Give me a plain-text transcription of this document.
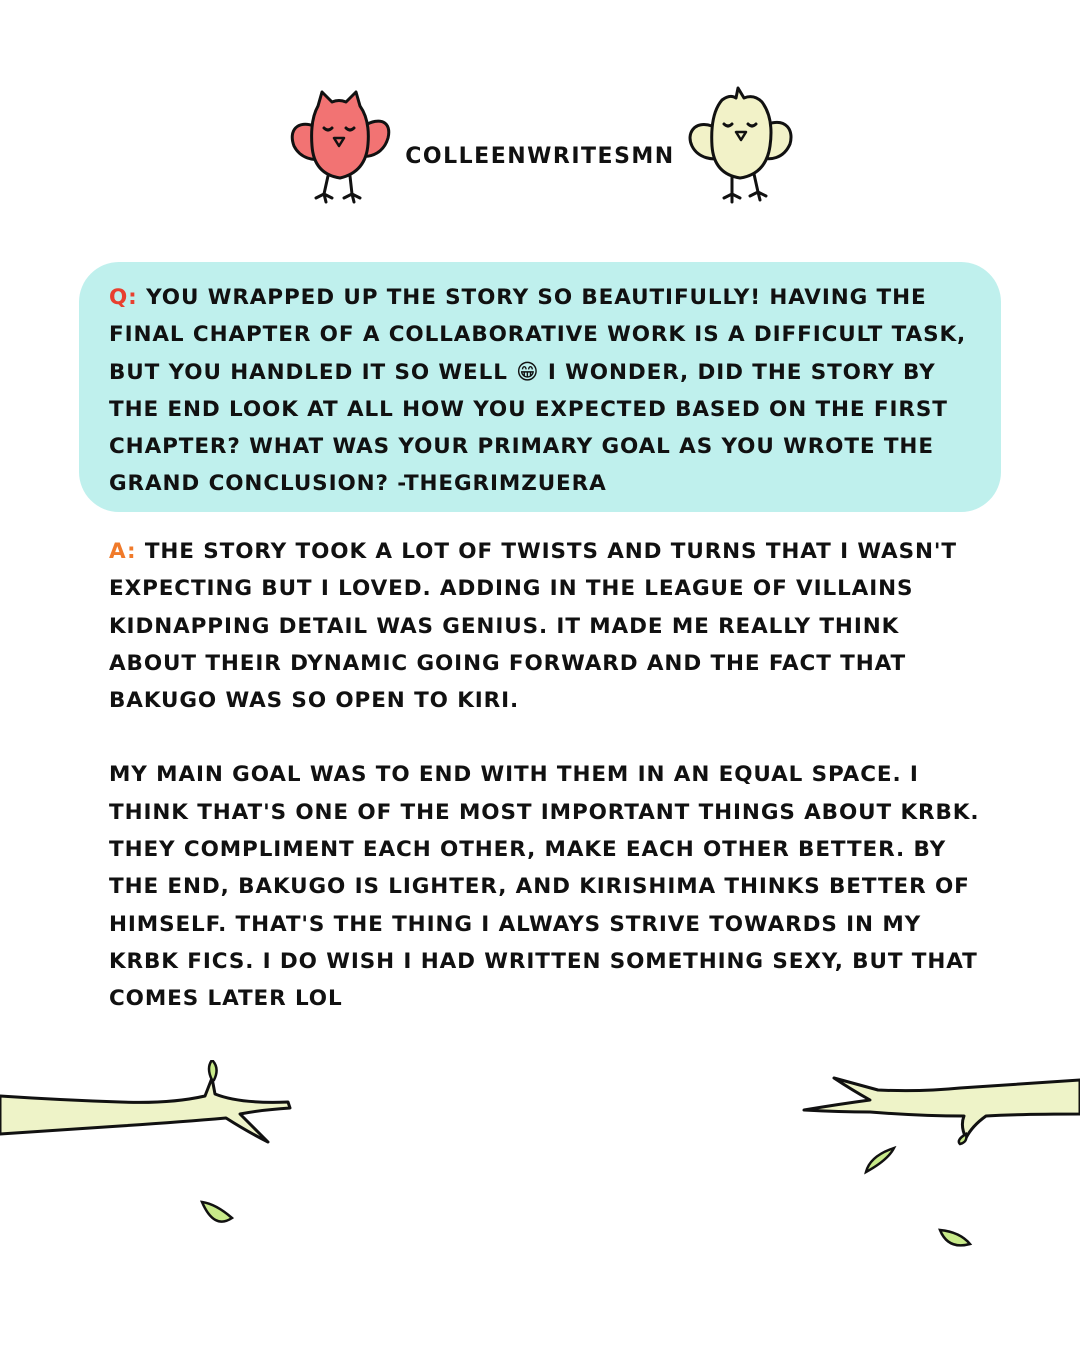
COLLEENWRITESMN

Q: YOU WRAPPED UP THE STORY SO BEAUTIFULLY! HAVING THE FINAL CHAPTER OF A COLLABORATIVE WORK IS A DIFFICULT TASK, BUT YOU HANDLED IT SO WELL 😁 I WONDER, DID THE STORY BY THE END LOOK AT ALL HOW YOU EXPECTED BASED ON THE FIRST CHAPTER? WHAT WAS YOUR PRIMARY GOAL AS YOU WROTE THE GRAND CONCLUSION? -THEGRIMZUERA

A: THE STORY TOOK A LOT OF TWISTS AND TURNS THAT I WASN'T EXPECTING BUT I LOVED. ADDING IN THE LEAGUE OF VILLAINS KIDNAPPING DETAIL WAS GENIUS. IT MADE ME REALLY THINK ABOUT THEIR DYNAMIC GOING FORWARD AND THE FACT THAT BAKUGO WAS SO OPEN TO KIRI.

MY MAIN GOAL WAS TO END WITH THEM IN AN EQUAL SPACE. I THINK THAT'S ONE OF THE MOST IMPORTANT THINGS ABOUT KRBK. THEY COMPLIMENT EACH OTHER, MAKE EACH OTHER BETTER. BY THE END, BAKUGO IS LIGHTER, AND KIRISHIMA THINKS BETTER OF HIMSELF. THAT'S THE THING I ALWAYS STRIVE TOWARDS IN MY KRBK FICS. I DO WISH I HAD WRITTEN SOMETHING SEXY, BUT THAT COMES LATER LOL
